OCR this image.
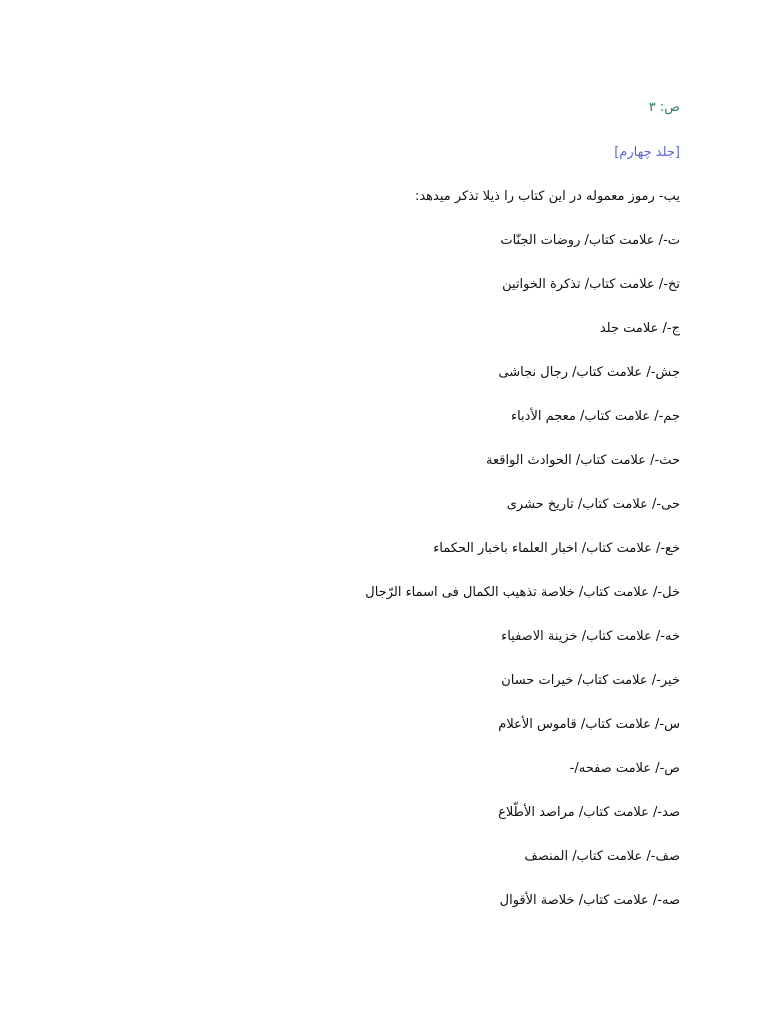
ص: ۳
[جلد چهارم]
یب- رموز معموله در این کتاب را ذیلا تذکر میدهد:
ت-/ علامت کتاب/ روضات الجنّات
تخ-/ علامت کتاب/ تذکرة الخواتین
ج-/ علامت جلد
جش-/ علامت کتاب/ رجال نجاشی
جم-/ علامت کتاب/ معجم الأدباء
حث-/ علامت کتاب/ الحوادث الواقعة
حی-/ علامت کتاب/ تاریخ حشری
خع-/ علامت کتاب/ اخبار العلماء باخبار الحکماء
خل-/ علامت کتاب/ خلاصة تذهیب الکمال فی اسماء الرّجال
خه-/ علامت کتاب/ خزینة الاصفیاء
خیر-/ علامت کتاب/ خیرات حسان
س-/ علامت کتاب/ قاموس الأعلام
ص-/ علامت صفحه/-
صد-/ علامت کتاب/ مراصد الأطّلاع
صف-/ علامت کتاب/ المنصف
صه-/ علامت کتاب/ خلاصة الأقوال
